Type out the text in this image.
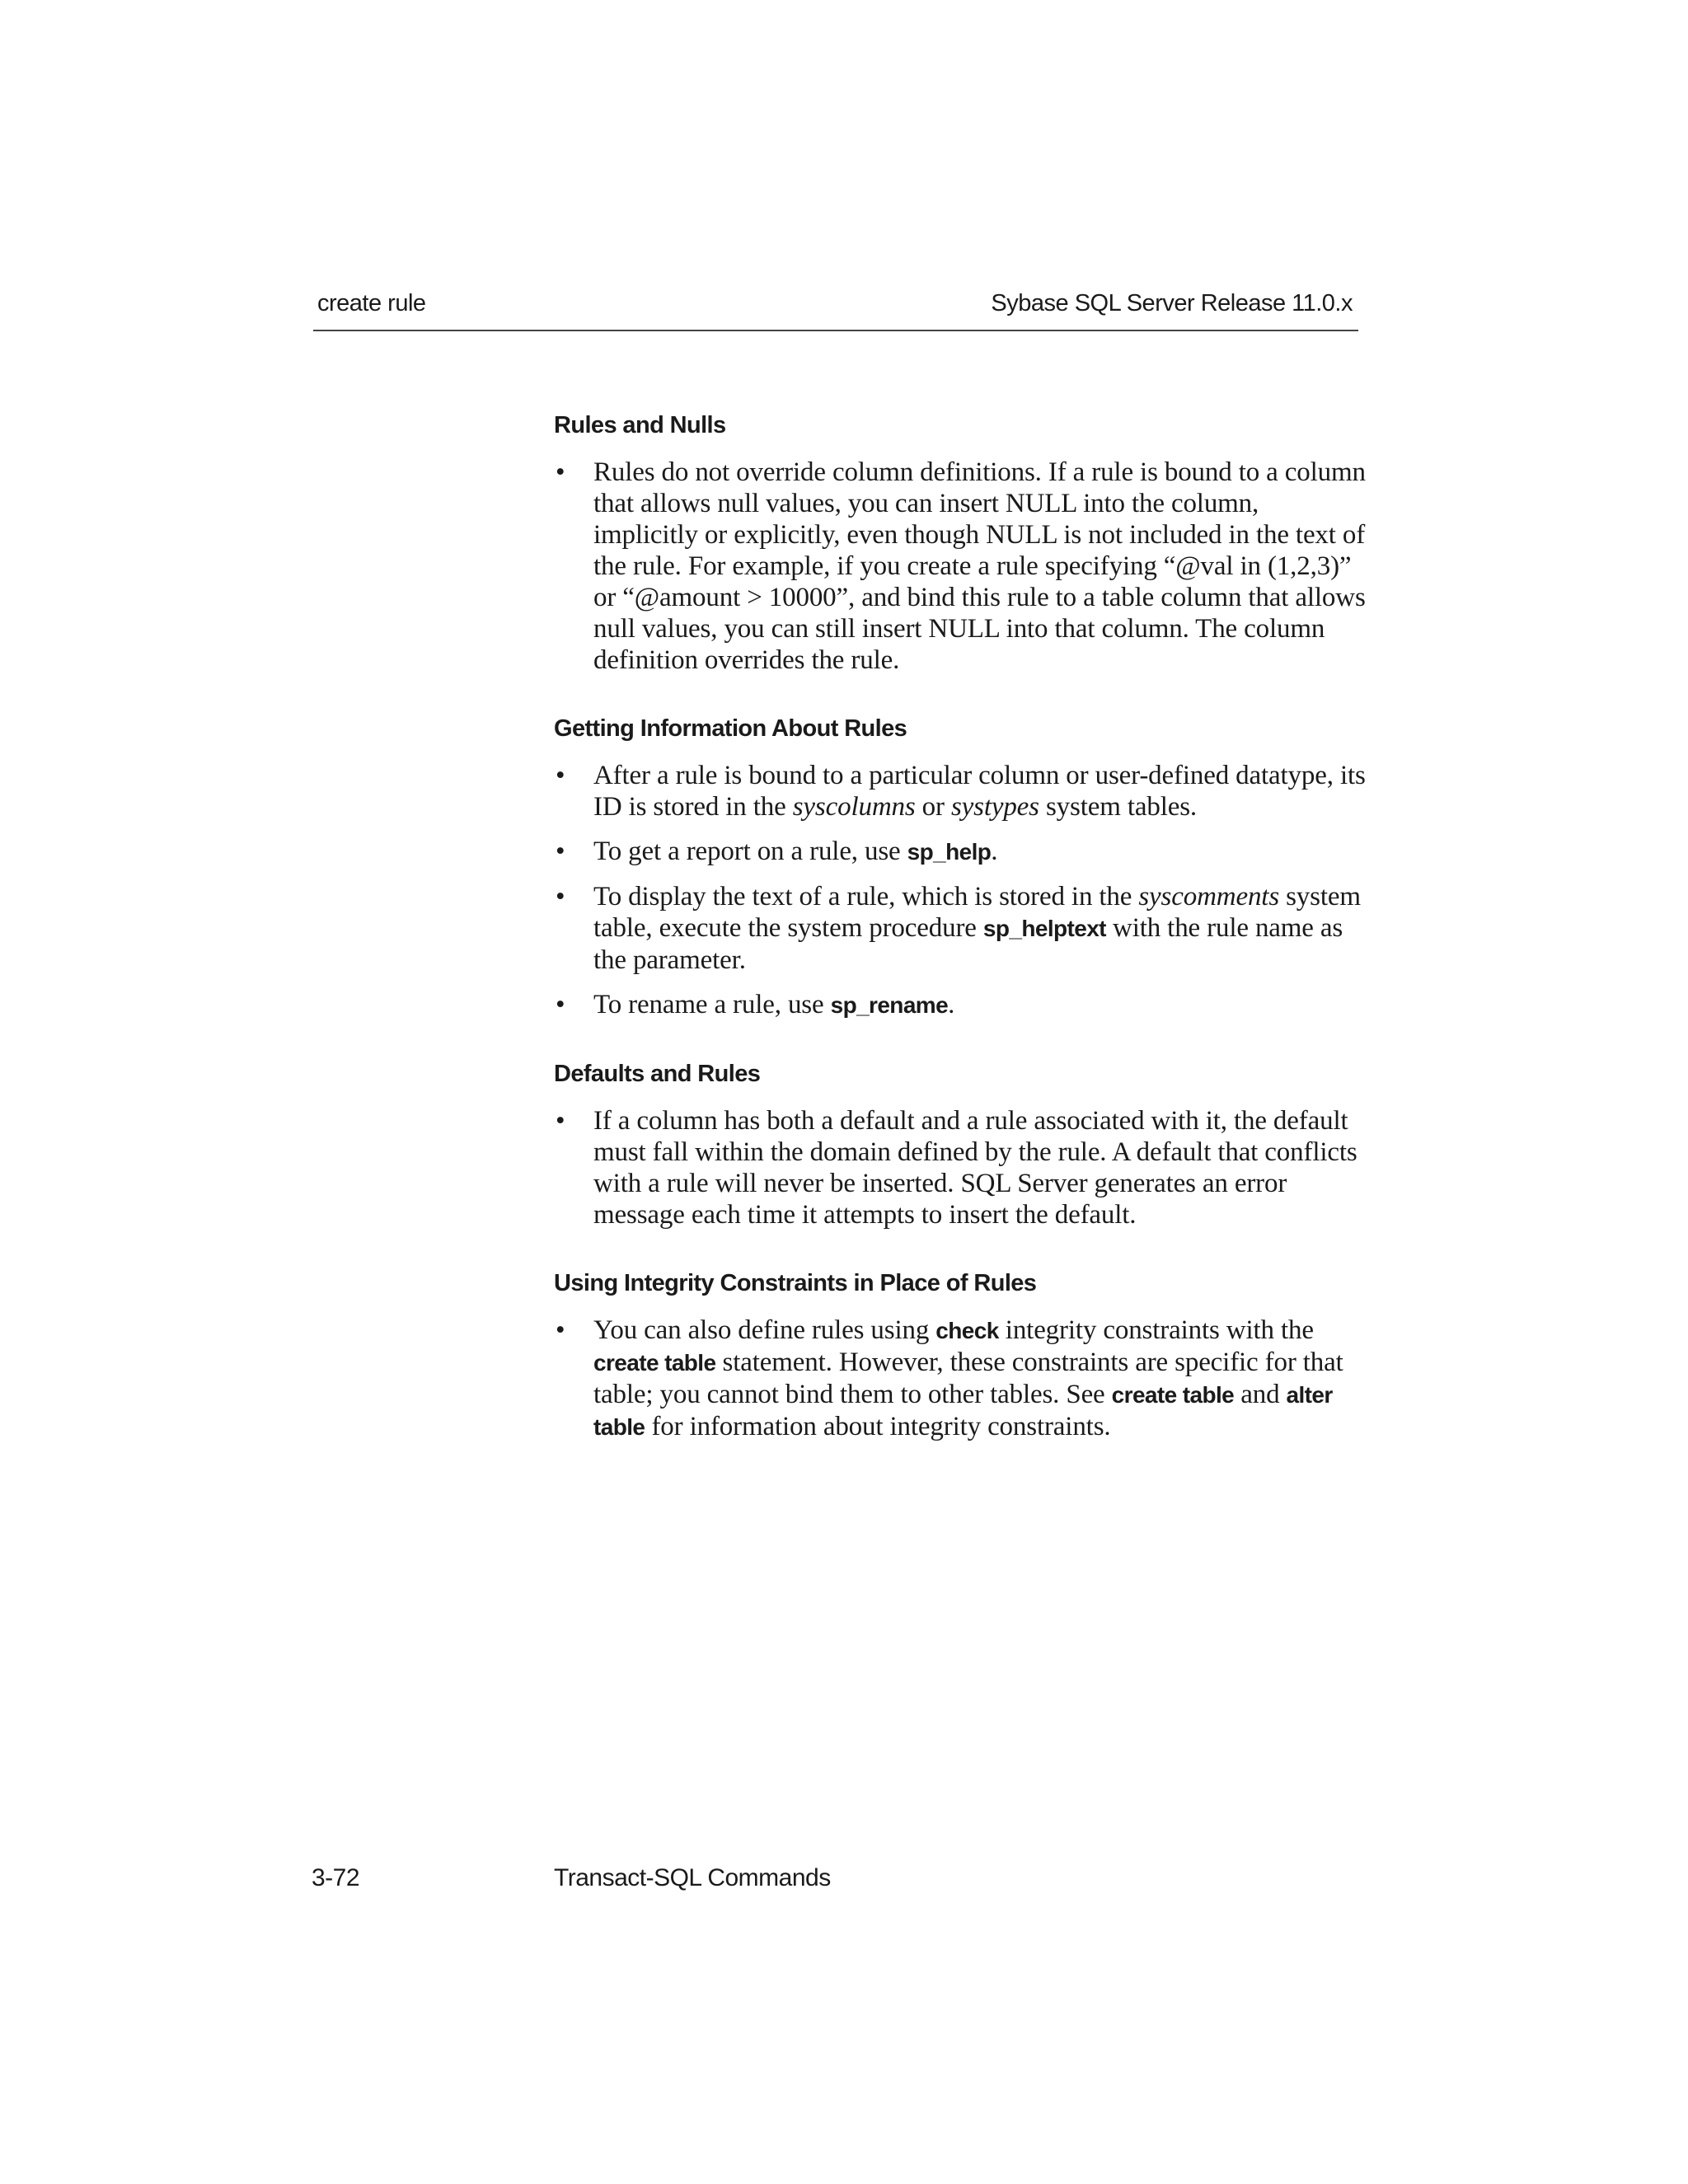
create rule	Sybase SQL Server Release 11.0.x
Rules and Nulls
• Rules do not override column definitions. If a rule is bound to a column that allows null values, you can insert NULL into the column, implicitly or explicitly, even though NULL is not included in the text of the rule. For example, if you create a rule specifying “@val in (1,2,3)” or “@amount > 10000”, and bind this rule to a table column that allows null values, you can still insert NULL into that column. The column definition overrides the rule.
Getting Information About Rules
• After a rule is bound to a particular column or user-defined datatype, its ID is stored in the syscolumns or systypes system tables.
• To get a report on a rule, use sp_help.
• To display the text of a rule, which is stored in the syscomments system table, execute the system procedure sp_helptext with the rule name as the parameter.
• To rename a rule, use sp_rename.
Defaults and Rules
• If a column has both a default and a rule associated with it, the default must fall within the domain defined by the rule. A default that conflicts with a rule will never be inserted. SQL Server generates an error message each time it attempts to insert the default.
Using Integrity Constraints in Place of Rules
• You can also define rules using check integrity constraints with the create table statement. However, these constraints are specific for that table; you cannot bind them to other tables. See create table and alter table for information about integrity constraints.
3-72	Transact-SQL Commands
